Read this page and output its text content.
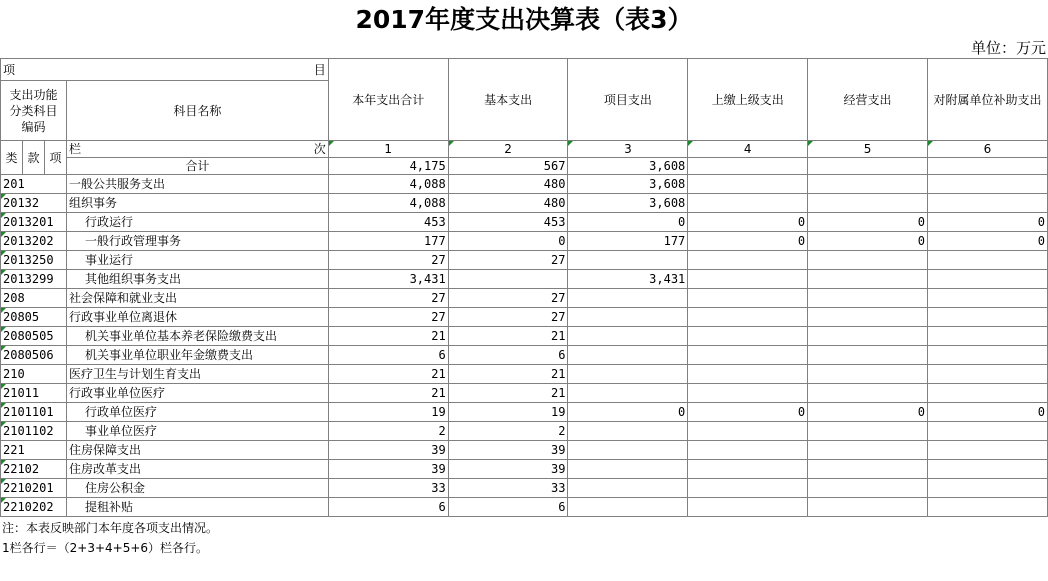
2017年度支出决算表（表3）
单位：万元
项 目				本年支出合计	基本支出	项目支出	上缴上级支出	经营支出	对附属单位补助支出
支出功能分类科目编码			科目名称						
类	款	项	栏 次	1	2	3	4	5	6
			合计	4,175	567	3,608			
201			一般公共服务支出	4,088	480	3,608			
20132			组织事务	4,088	480	3,608			
2013201			行政运行	453	453	0	0	0	0
2013202			一般行政管理事务	177	0	177	0	0	0
2013250			事业运行	27	27				
2013299			其他组织事务支出	3,431		3,431			
208			社会保障和就业支出	27	27				
20805			行政事业单位离退休	27	27				
2080505			机关事业单位基本养老保险缴费支出	21	21				
2080506			机关事业单位职业年金缴费支出	6	6				
210			医疗卫生与计划生育支出	21	21				
21011			行政事业单位医疗	21	21				
2101101			行政单位医疗	19	19	0	0	0	0
2101102			事业单位医疗	2	2				
221			住房保障支出	39	39				
22102			住房改革支出	39	39				
2210201			住房公积金	33	33				
2210202			提租补贴	6	6				
注：本表反映部门本年度各项支出情况。
1栏各行＝（2+3+4+5+6）栏各行。
